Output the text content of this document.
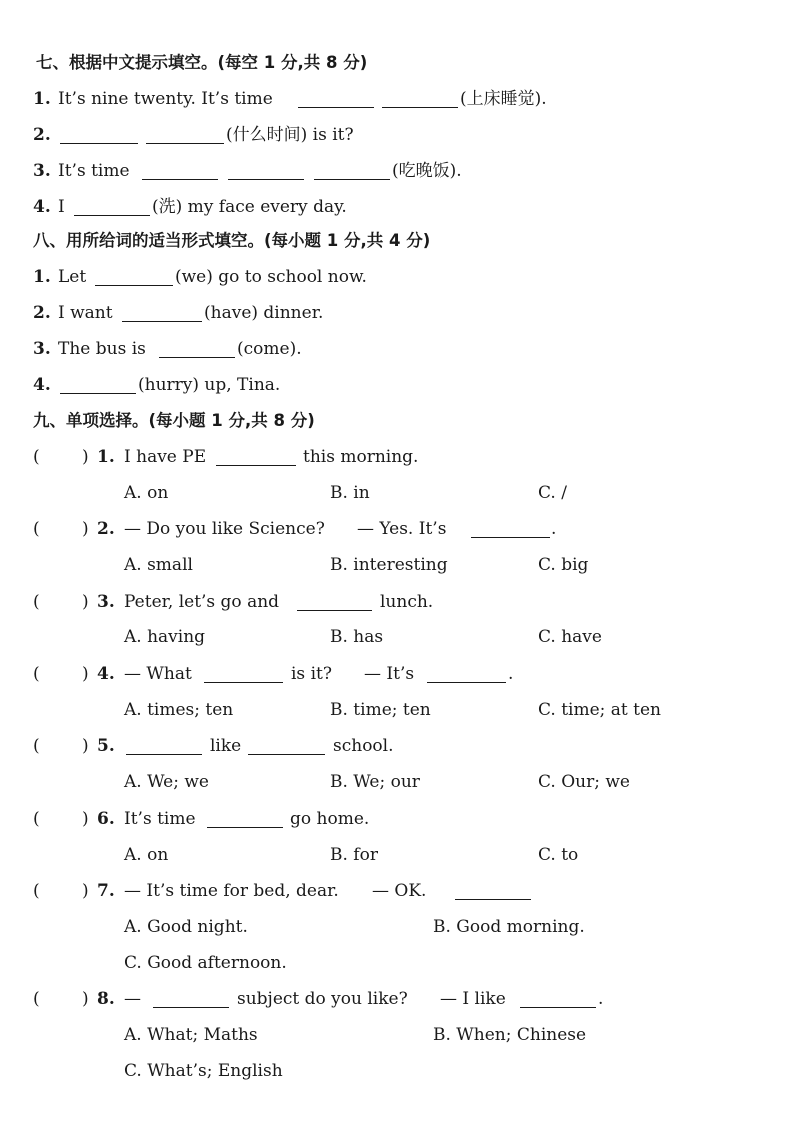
七、根据中文提示填空。(每空 1 分,共 8 分)
1. It’s nine twenty. It’s time	(上床睡觉).
2.	(什么时间) is it?
3. It’s time	(吃晚饭).
4. I	(洗) my face every day.
八、用所给词的适当形式填空。(每小题 1 分,共 4 分)
1. Let	(we) go to school now.
2. I want	(have) dinner.
3. The bus is	(come).
4.	(hurry) up, Tina.
九、单项选择。(每小题 1 分,共 8 分)
( ) 1. I have PE	this morning.
A. on	B. in	C. /
( ) 2. — Do you like Science? — Yes. It’s	.
A. small	B. interesting	C. big
( ) 3. Peter, let’s go and	lunch.
A. having	B. has	C. have
( ) 4. — What	is it? — It’s	.
A. times; ten	B. time; ten	C. time; at ten
( ) 5.	like	school.
A. We; we	B. We; our	C. Our; we
( ) 6. It’s time	go home.
A. on	B. for	C. to
( ) 7. — It’s time for bed, dear. — OK.
A. Good night.	B. Good morning.
C. Good afternoon.
( ) 8. —	subject do you like? — I like	.
A. What; Maths	B. When; Chinese
C. What’s; English
